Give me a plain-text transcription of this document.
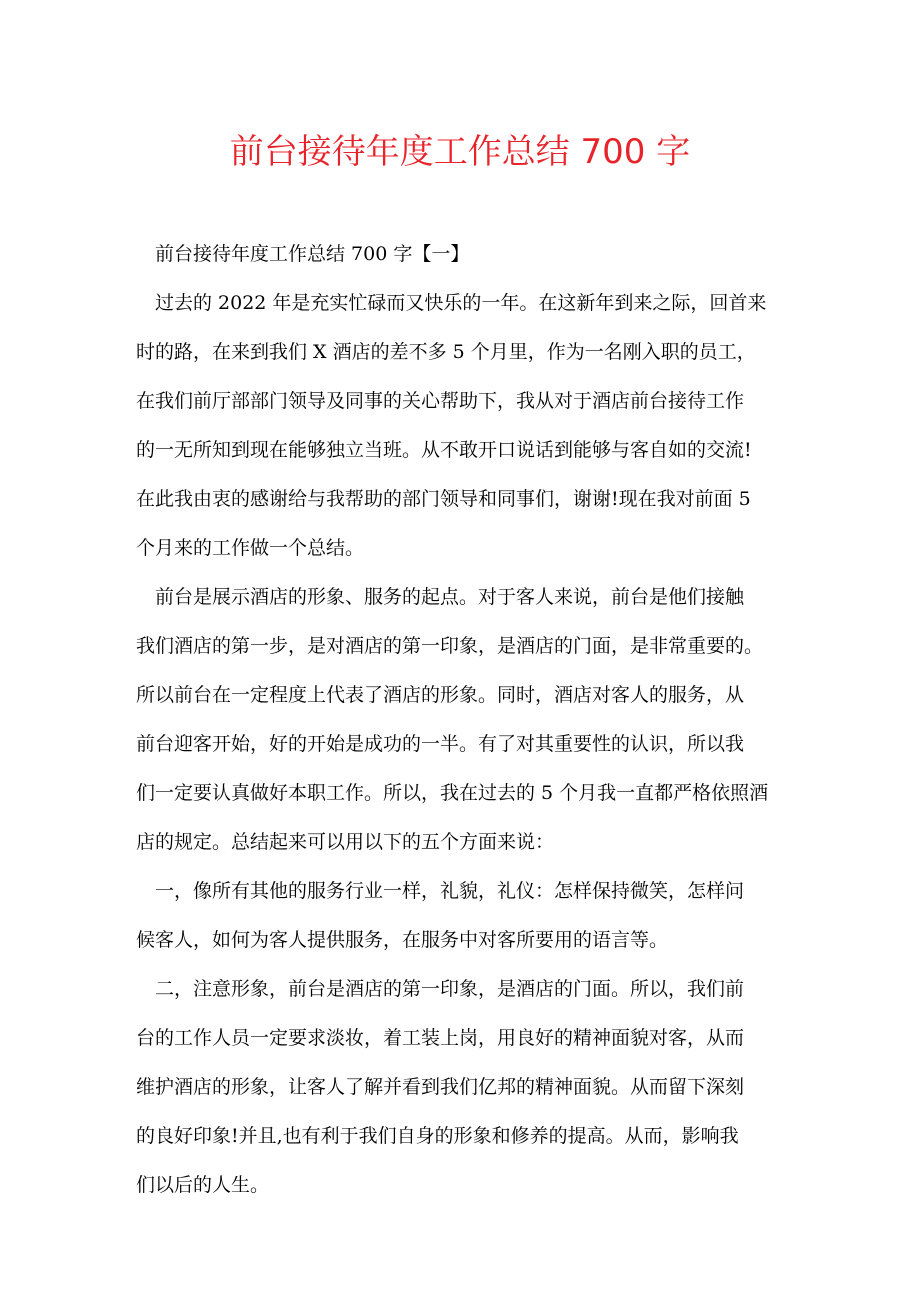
前台接待年度工作总结 700 字
　前台接待年度工作总结 700 字【一】
　过去的 2022 年是充实忙碌而又快乐的一年。在这新年到来之际，回首来
时的路，在来到我们 X 酒店的差不多 5 个月里，作为一名刚入职的员工，
在我们前厅部部门领导及同事的关心帮助下，我从对于酒店前台接待工作
的一无所知到现在能够独立当班。从不敢开口说话到能够与客自如的交流!
在此我由衷的感谢给与我帮助的部门领导和同事们，谢谢!现在我对前面 5
个月来的工作做一个总结。
　前台是展示酒店的形象、服务的起点。对于客人来说，前台是他们接触
我们酒店的第一步，是对酒店的第一印象，是酒店的门面，是非常重要的。
所以前台在一定程度上代表了酒店的形象。同时，酒店对客人的服务，从
前台迎客开始，好的开始是成功的一半。有了对其重要性的认识，所以我
们一定要认真做好本职工作。所以，我在过去的 5 个月我一直都严格依照酒
店的规定。总结起来可以用以下的五个方面来说：
　一，像所有其他的服务行业一样，礼貌，礼仪：怎样保持微笑，怎样问
候客人，如何为客人提供服务，在服务中对客所要用的语言等。
　二，注意形象，前台是酒店的第一印象，是酒店的门面。所以，我们前
台的工作人员一定要求淡妆，着工装上岗，用良好的精神面貌对客，从而
维护酒店的形象，让客人了解并看到我们亿邦的精神面貌。从而留下深刻
的良好印象!并且,也有利于我们自身的形象和修养的提高。从而，影响我
们以后的人生。
